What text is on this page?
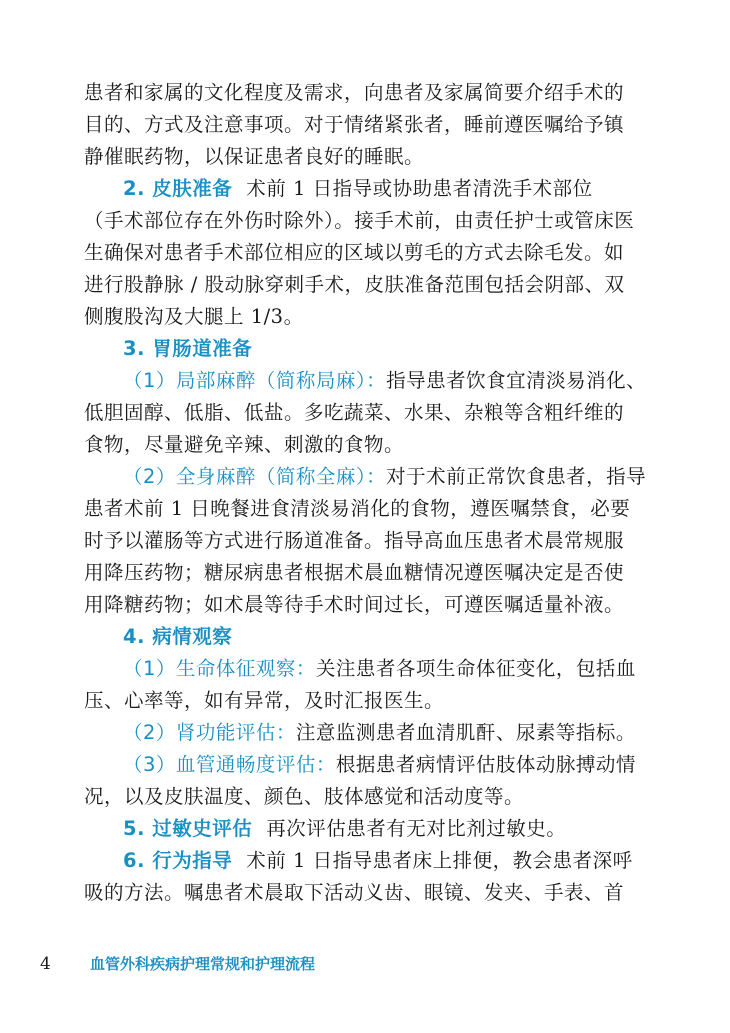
患者和家属的文化程度及需求，向患者及家属简要介绍手术的
目的、方式及注意事项。对于情绪紧张者，睡前遵医嘱给予镇
静催眠药物，以保证患者良好的睡眠。
2. 皮肤准备 术前 1 日指导或协助患者清洗手术部位
（手术部位存在外伤时除外）。接手术前，由责任护士或管床医
生确保对患者手术部位相应的区域以剪毛的方式去除毛发。如
进行股静脉 / 股动脉穿刺手术，皮肤准备范围包括会阴部、双
侧腹股沟及大腿上 1/3。
3. 胃肠道准备
（1）局部麻醉（简称局麻）：指导患者饮食宜清淡易消化、
低胆固醇、低脂、低盐。多吃蔬菜、水果、杂粮等含粗纤维的
食物，尽量避免辛辣、刺激的食物。
（2）全身麻醉（简称全麻）：对于术前正常饮食患者，指导
患者术前 1 日晚餐进食清淡易消化的食物，遵医嘱禁食，必要
时予以灌肠等方式进行肠道准备。指导高血压患者术晨常规服
用降压药物；糖尿病患者根据术晨血糖情况遵医嘱决定是否使
用降糖药物；如术晨等待手术时间过长，可遵医嘱适量补液。
4. 病情观察
（1）生命体征观察：关注患者各项生命体征变化，包括血
压、心率等，如有异常，及时汇报医生。
（2）肾功能评估：注意监测患者血清肌酐、尿素等指标。
（3）血管通畅度评估：根据患者病情评估肢体动脉搏动情
况，以及皮肤温度、颜色、肢体感觉和活动度等。
5. 过敏史评估 再次评估患者有无对比剂过敏史。
6. 行为指导 术前 1 日指导患者床上排便，教会患者深呼
吸的方法。嘱患者术晨取下活动义齿、眼镜、发夹、手表、首
4	血管外科疾病护理常规和护理流程
